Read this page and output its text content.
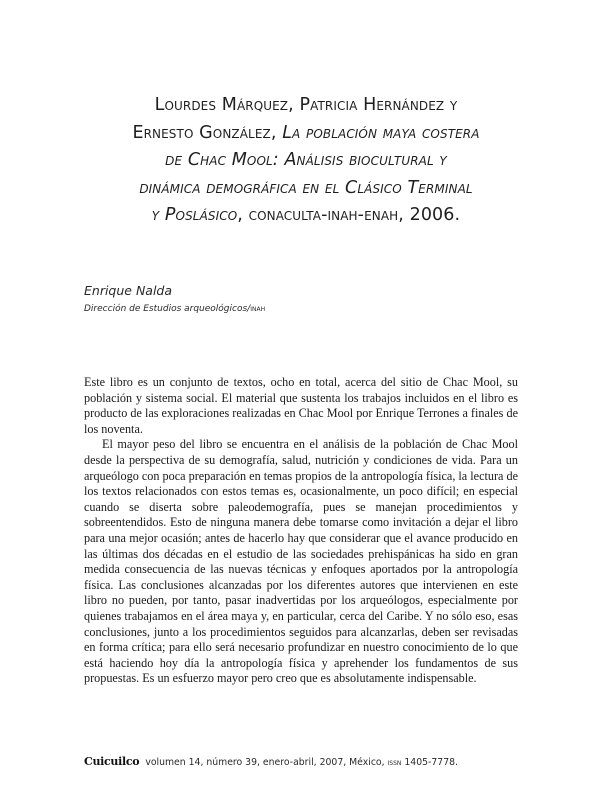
Lourdes Márquez, Patricia Hernández y
Ernesto González, La población maya costera
de Chac Mool: Análisis biocultural y
dinámica demográfica en el Clásico Terminal
y Poslásico, conaculta-inah-enah, 2006.
Enrique Nalda
Dirección de Estudios arqueológicos/inah

Este libro es un conjunto de textos, ocho en total, acerca del sitio de Chac Mool, su población y sistema social. El material que sustenta los trabajos incluidos en el libro es producto de las exploraciones realizadas en Chac Mool por Enrique Terrones a finales de los noventa.

El mayor peso del libro se encuentra en el análisis de la población de Chac Mool desde la perspectiva de su demografía, salud, nutrición y condiciones de vida. Para un arqueólogo con poca preparación en temas propios de la antropología física, la lectura de los textos relacionados con estos temas es, ocasionalmente, un poco difícil; en especial cuando se diserta sobre paleodemografía, pues se manejan procedimientos y sobreentendidos. Esto de ninguna manera debe tomarse como invitación a dejar el libro para una mejor ocasión; antes de hacerlo hay que considerar que el avance producido en las últimas dos décadas en el estudio de las sociedades prehispánicas ha sido en gran medida consecuencia de las nuevas técnicas y enfoques aportados por la antropología física. Las conclusiones alcanzadas por los diferentes autores que intervienen en este libro no pueden, por tanto, pasar inadvertidas por los arqueólogos, especialmente por quienes trabajamos en el área maya y, en particular, cerca del Caribe. Y no sólo eso, esas conclusiones, junto a los procedimientos seguidos para alcanzarlas, deben ser revisadas en forma crítica; para ello será necesario profundizar en nuestro conocimiento de lo que está haciendo hoy día la antropología física y aprehender los fundamentos de sus propuestas. Es un esfuerzo mayor pero creo que es absolutamente indispensable.

Cuicuilco volumen 14, número 39, enero-abril, 2007, México, issn 1405-7778.
